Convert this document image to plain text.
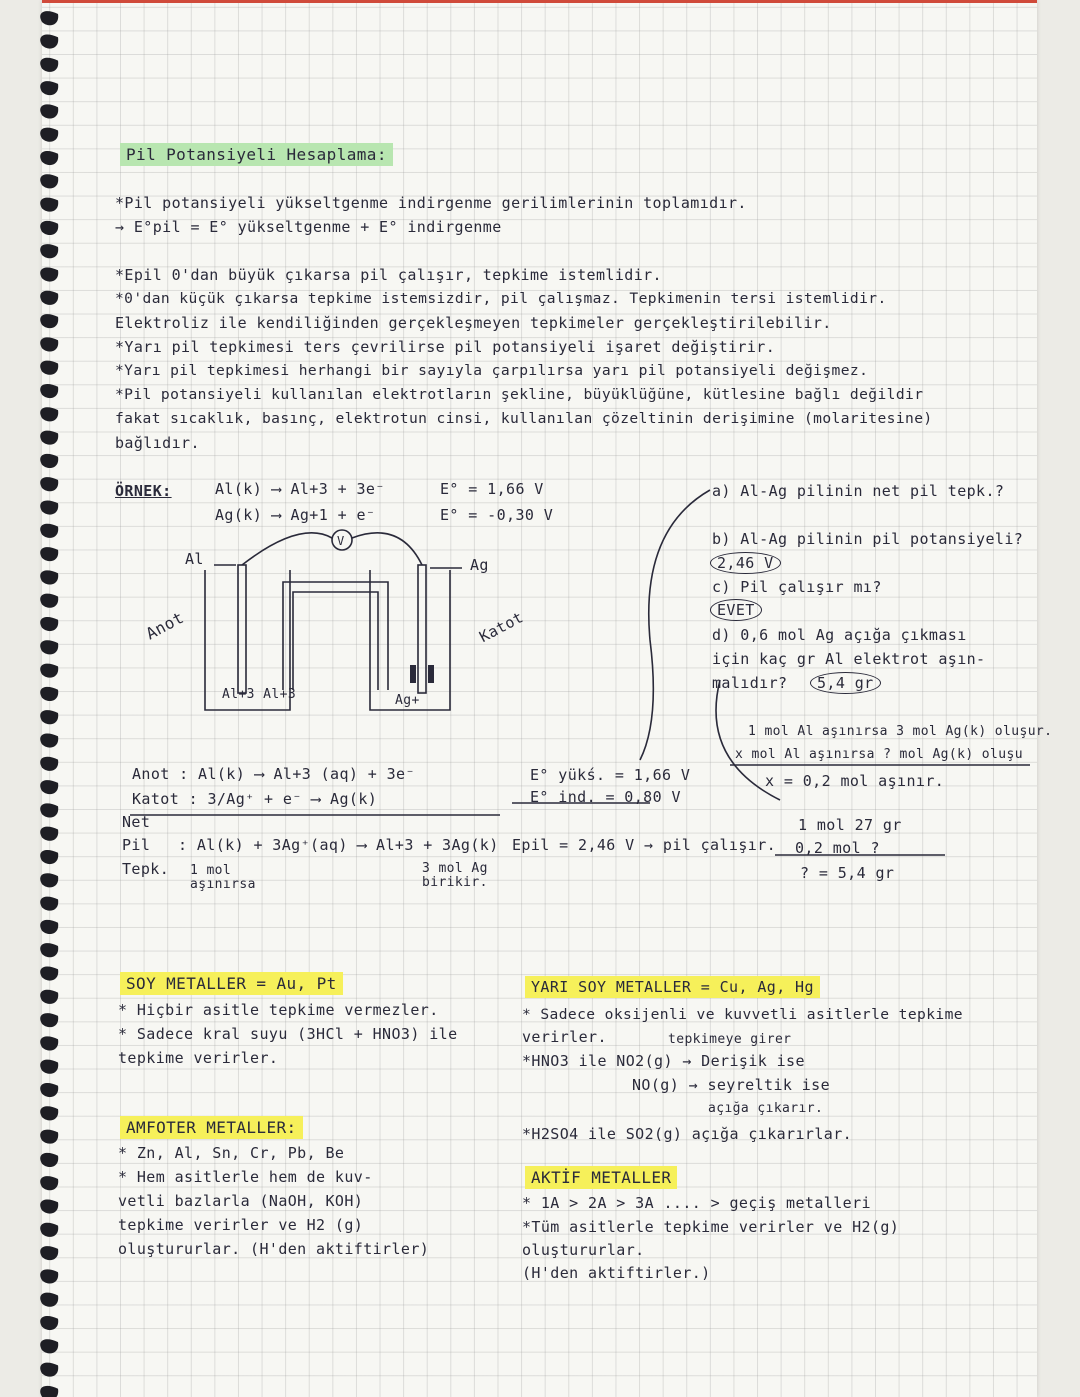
Pil Potansiyeli Hesaplama:
*Pil potansiyeli yükseltgenme indirgenme gerilimlerinin toplamıdır.
→ E°pil = E° yükseltgenme + E° indirgenme
*Epil 0'dan büyük çıkarsa pil çalışır, tepkime istemlidir.
*0'dan küçük çıkarsa tepkime istemsizdir, pil çalışmaz. Tepkimenin tersi istemlidir.
Elektroliz ile kendiliğinden gerçekleşmeyen tepkimeler gerçekleştirilebilir.
*Yarı pil tepkimesi ters çevrilirse pil potansiyeli işaret değiştirir.
*Yarı pil tepkimesi herhangi bir sayıyla çarpılırsa yarı pil potansiyeli değişmez.
*Pil potansiyeli kullanılan elektrotların şekline, büyüklüğüne, kütlesine bağlı değildir
fakat sıcaklık, basınç, elektrotun cinsi, kullanılan çözeltinin derişimine (molaritesine)
bağlıdır.
ÖRNEK:	Al(k) ⟶ Al+3 + 3e⁻	E° = 1,66 V
Ag(k) ⟶ Ag+1 + e⁻	E° = -0,30 V
V
Al	Ag
Anot	Katot
Al+3 Al+3	Ag+
a) Al-Ag pilinin net pil tepk.?
b) Al-Ag pilinin pil potansiyeli?
2,46 V
c) Pil çalışır mı?
EVET
d) 0,6 mol Ag açığa çıkması
için kaç gr Al elektrot aşın-
malıdır?	5,4 gr
1 mol Al aşınırsa 3 mol Ag(k) oluşur.
x mol Al aşınırsa ? mol Ag(k) oluşu
x = 0,2 mol aşınır.
1 mol 27 gr
0,2 mol ?
? = 5,4 gr
Anot : Al(k) ⟶ Al+3 (aq) + 3e⁻
Katot : 3/Ag⁺ + e⁻ ⟶ Ag(k)
Net
Pil
Tepk.
: Al(k) + 3Ag⁺(aq) ⟶ Al+3 + 3Ag(k)
1 mol aşınırsa
3 mol Ag birikir.
E° yükś. = 1,66 V
E° ind. = 0,80 V
Epil = 2,46 V → pil çalışır.
SOY METALLER = Au, Pt
* Hiçbir asitle tepkime vermezler.
* Sadece kral suyu (3HCl + HNO3) ile
tepkime verirler.
AMFOTER METALLER:
* Zn, Al, Sn, Cr, Pb, Be
* Hem asitlerle hem de kuv-
vetli bazlarla (NaOH, KOH)
tepkime verirler ve H2 (g)
oluştururlar. (H'den aktiftirler)
YARI SOY METALLER = Cu, Ag, Hg
* Sadece oksijenli ve kuvvetli asitlerle tepkime
verirler.	tepkimeye girer
*HNO3 ile NO2(g) → Derişik ise
NO(g) → seyreltik ise
açığa çıkarır.
*H2SO4 ile SO2(g) açığa çıkarırlar.
AKTİF METALLER
* 1A > 2A > 3A .... > geçiş metalleri
*Tüm asitlerle tepkime verirler ve H2(g)
oluştururlar.
(H'den aktiftirler.)
